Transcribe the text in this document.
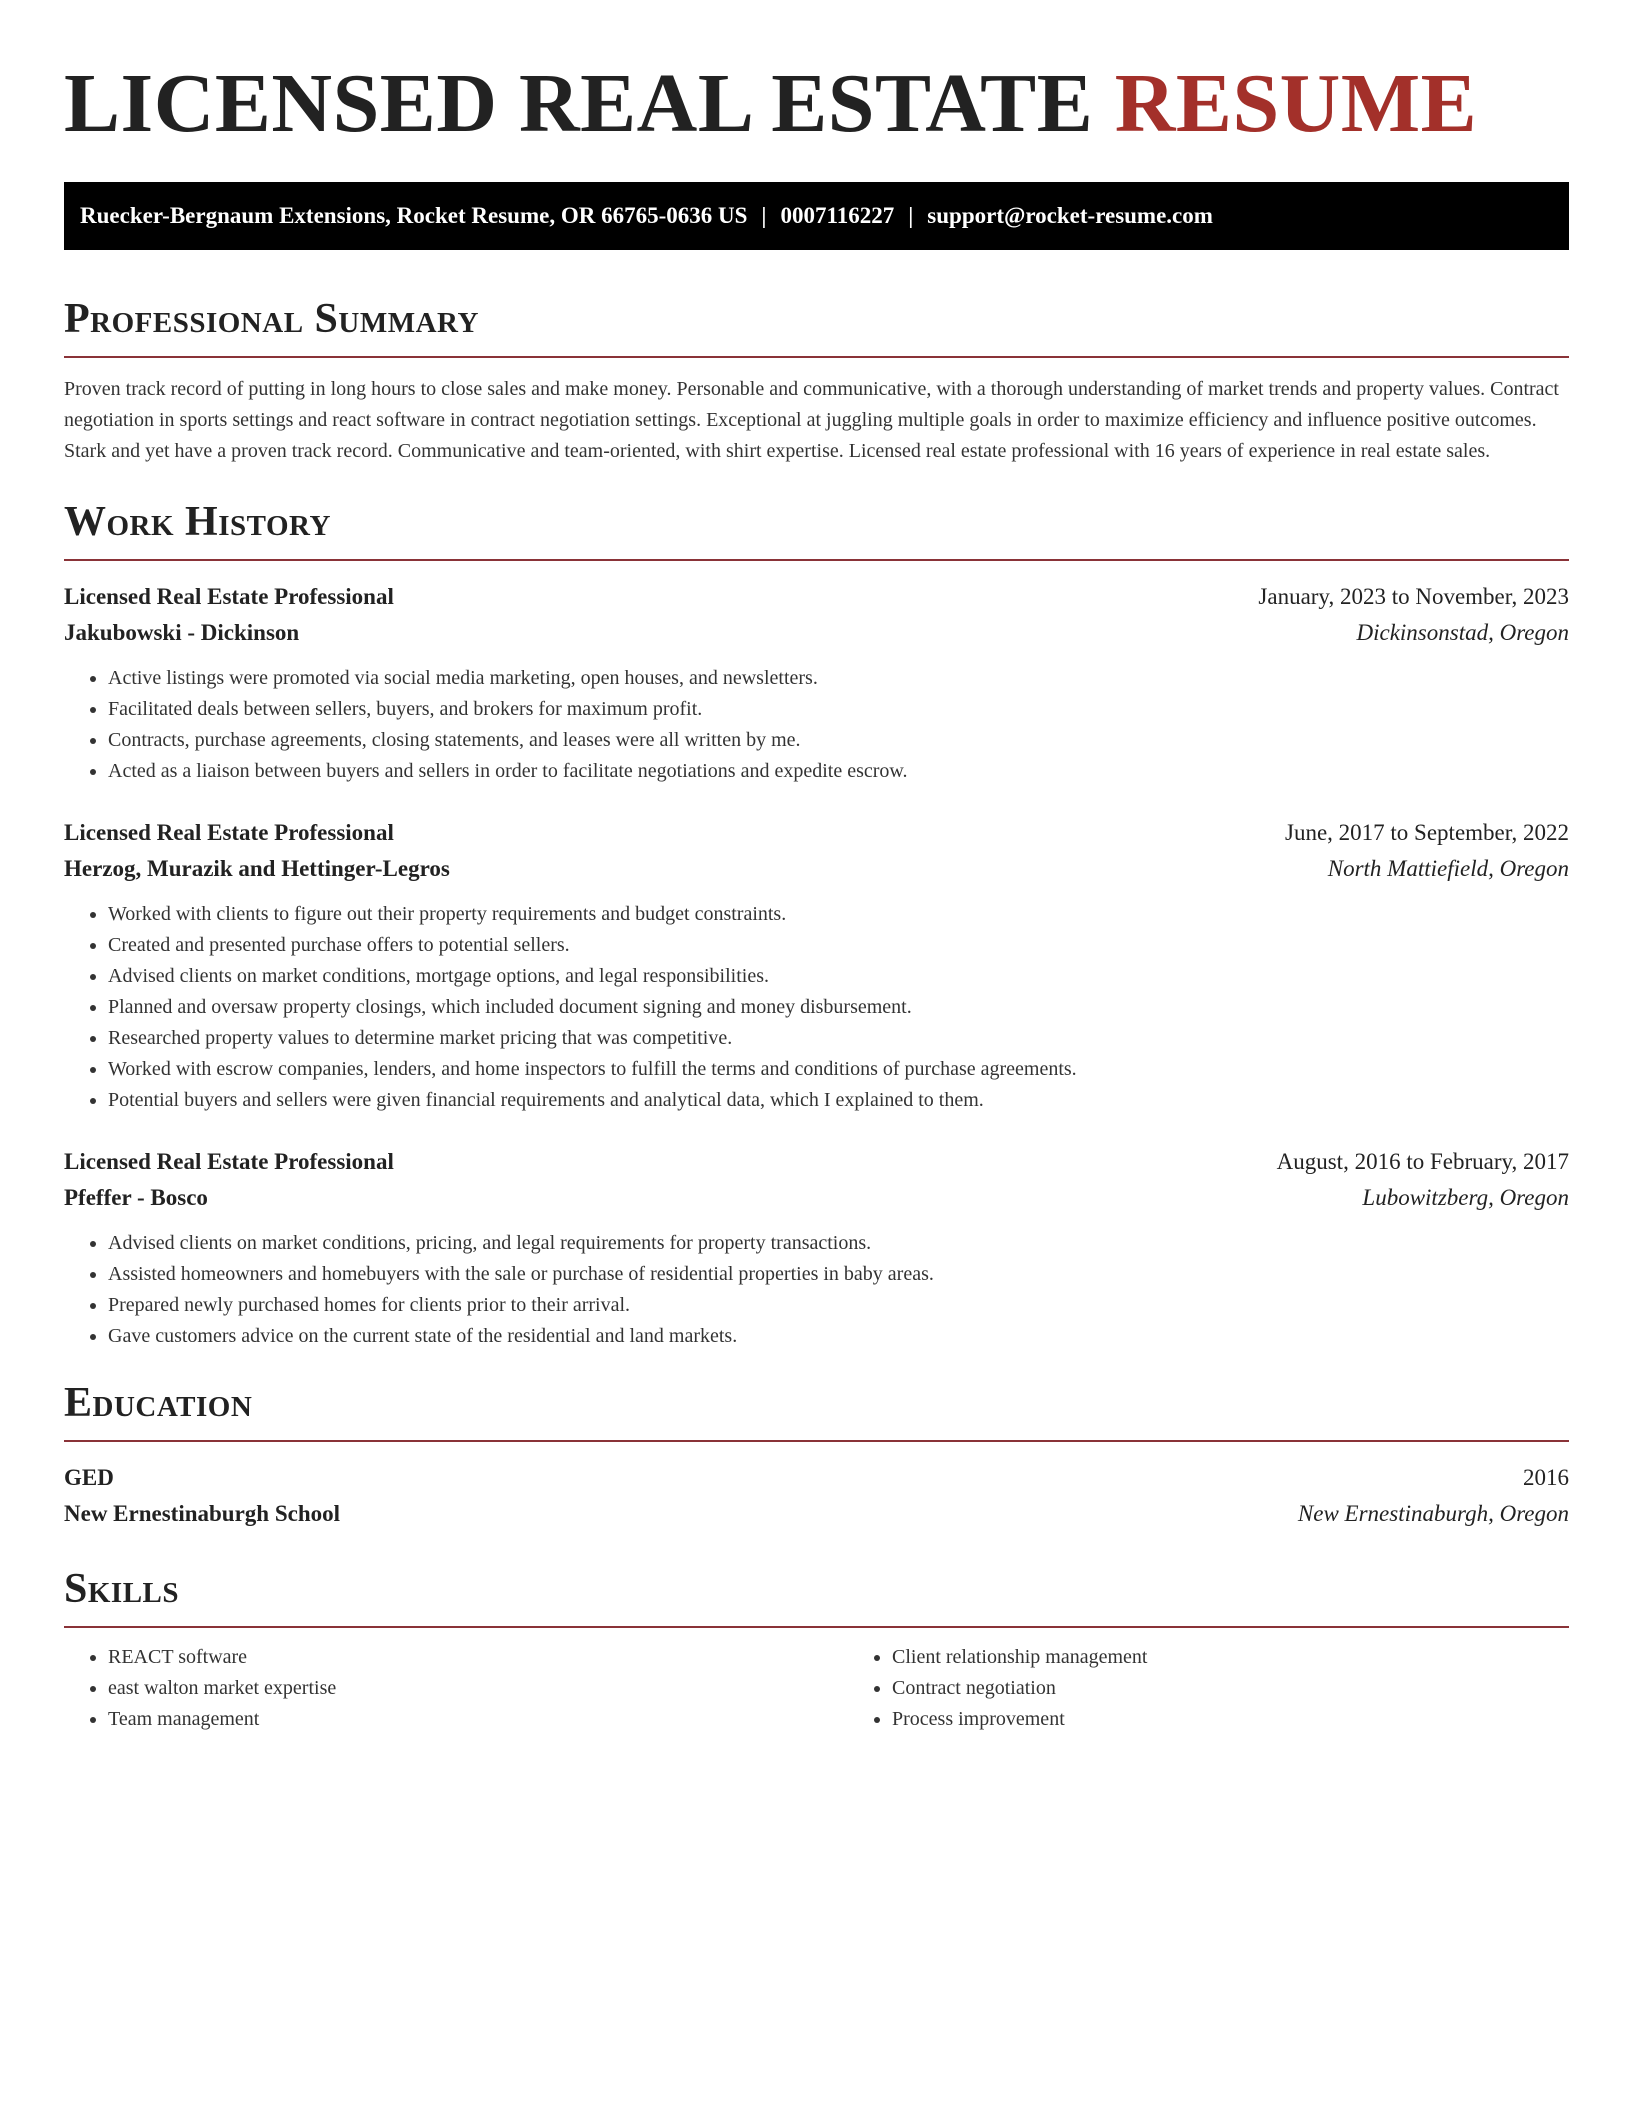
LICENSED REAL ESTATE RESUME
Ruecker-Bergnaum Extensions, Rocket Resume, OR 66765-0636 US | 0007116227 | support@rocket-resume.com
Professional Summary

Proven track record of putting in long hours to close sales and make money. Personable and communicative, with a thorough understanding of market trends and property values. Contract negotiation in sports settings and react software in contract negotiation settings. Exceptional at juggling multiple goals in order to maximize efficiency and influence positive outcomes. Stark and yet have a proven track record. Communicative and team-oriented, with shirt expertise. Licensed real estate professional with 16 years of experience in real estate sales.

Work History
Licensed Real Estate Professional	January, 2023 to November, 2023
Jakubowski - Dickinson	Dickinsonstad, Oregon
• Active listings were promoted via social media marketing, open houses, and newsletters.
• Facilitated deals between sellers, buyers, and brokers for maximum profit.
• Contracts, purchase agreements, closing statements, and leases were all written by me.
• Acted as a liaison between buyers and sellers in order to facilitate negotiations and expedite escrow.
Licensed Real Estate Professional	June, 2017 to September, 2022
Herzog, Murazik and Hettinger-Legros	North Mattiefield, Oregon
• Worked with clients to figure out their property requirements and budget constraints.
• Created and presented purchase offers to potential sellers.
• Advised clients on market conditions, mortgage options, and legal responsibilities.
• Planned and oversaw property closings, which included document signing and money disbursement.
• Researched property values to determine market pricing that was competitive.
• Worked with escrow companies, lenders, and home inspectors to fulfill the terms and conditions of purchase agreements.
• Potential buyers and sellers were given financial requirements and analytical data, which I explained to them.
Licensed Real Estate Professional	August, 2016 to February, 2017
Pfeffer - Bosco	Lubowitzberg, Oregon
• Advised clients on market conditions, pricing, and legal requirements for property transactions.
• Assisted homeowners and homebuyers with the sale or purchase of residential properties in baby areas.
• Prepared newly purchased homes for clients prior to their arrival.
• Gave customers advice on the current state of the residential and land markets.
Education
GED	2016
New Ernestinaburgh School	New Ernestinaburgh, Oregon
Skills
• REACT software
• east walton market expertise
• Team management
• Client relationship management
• Contract negotiation
• Process improvement
